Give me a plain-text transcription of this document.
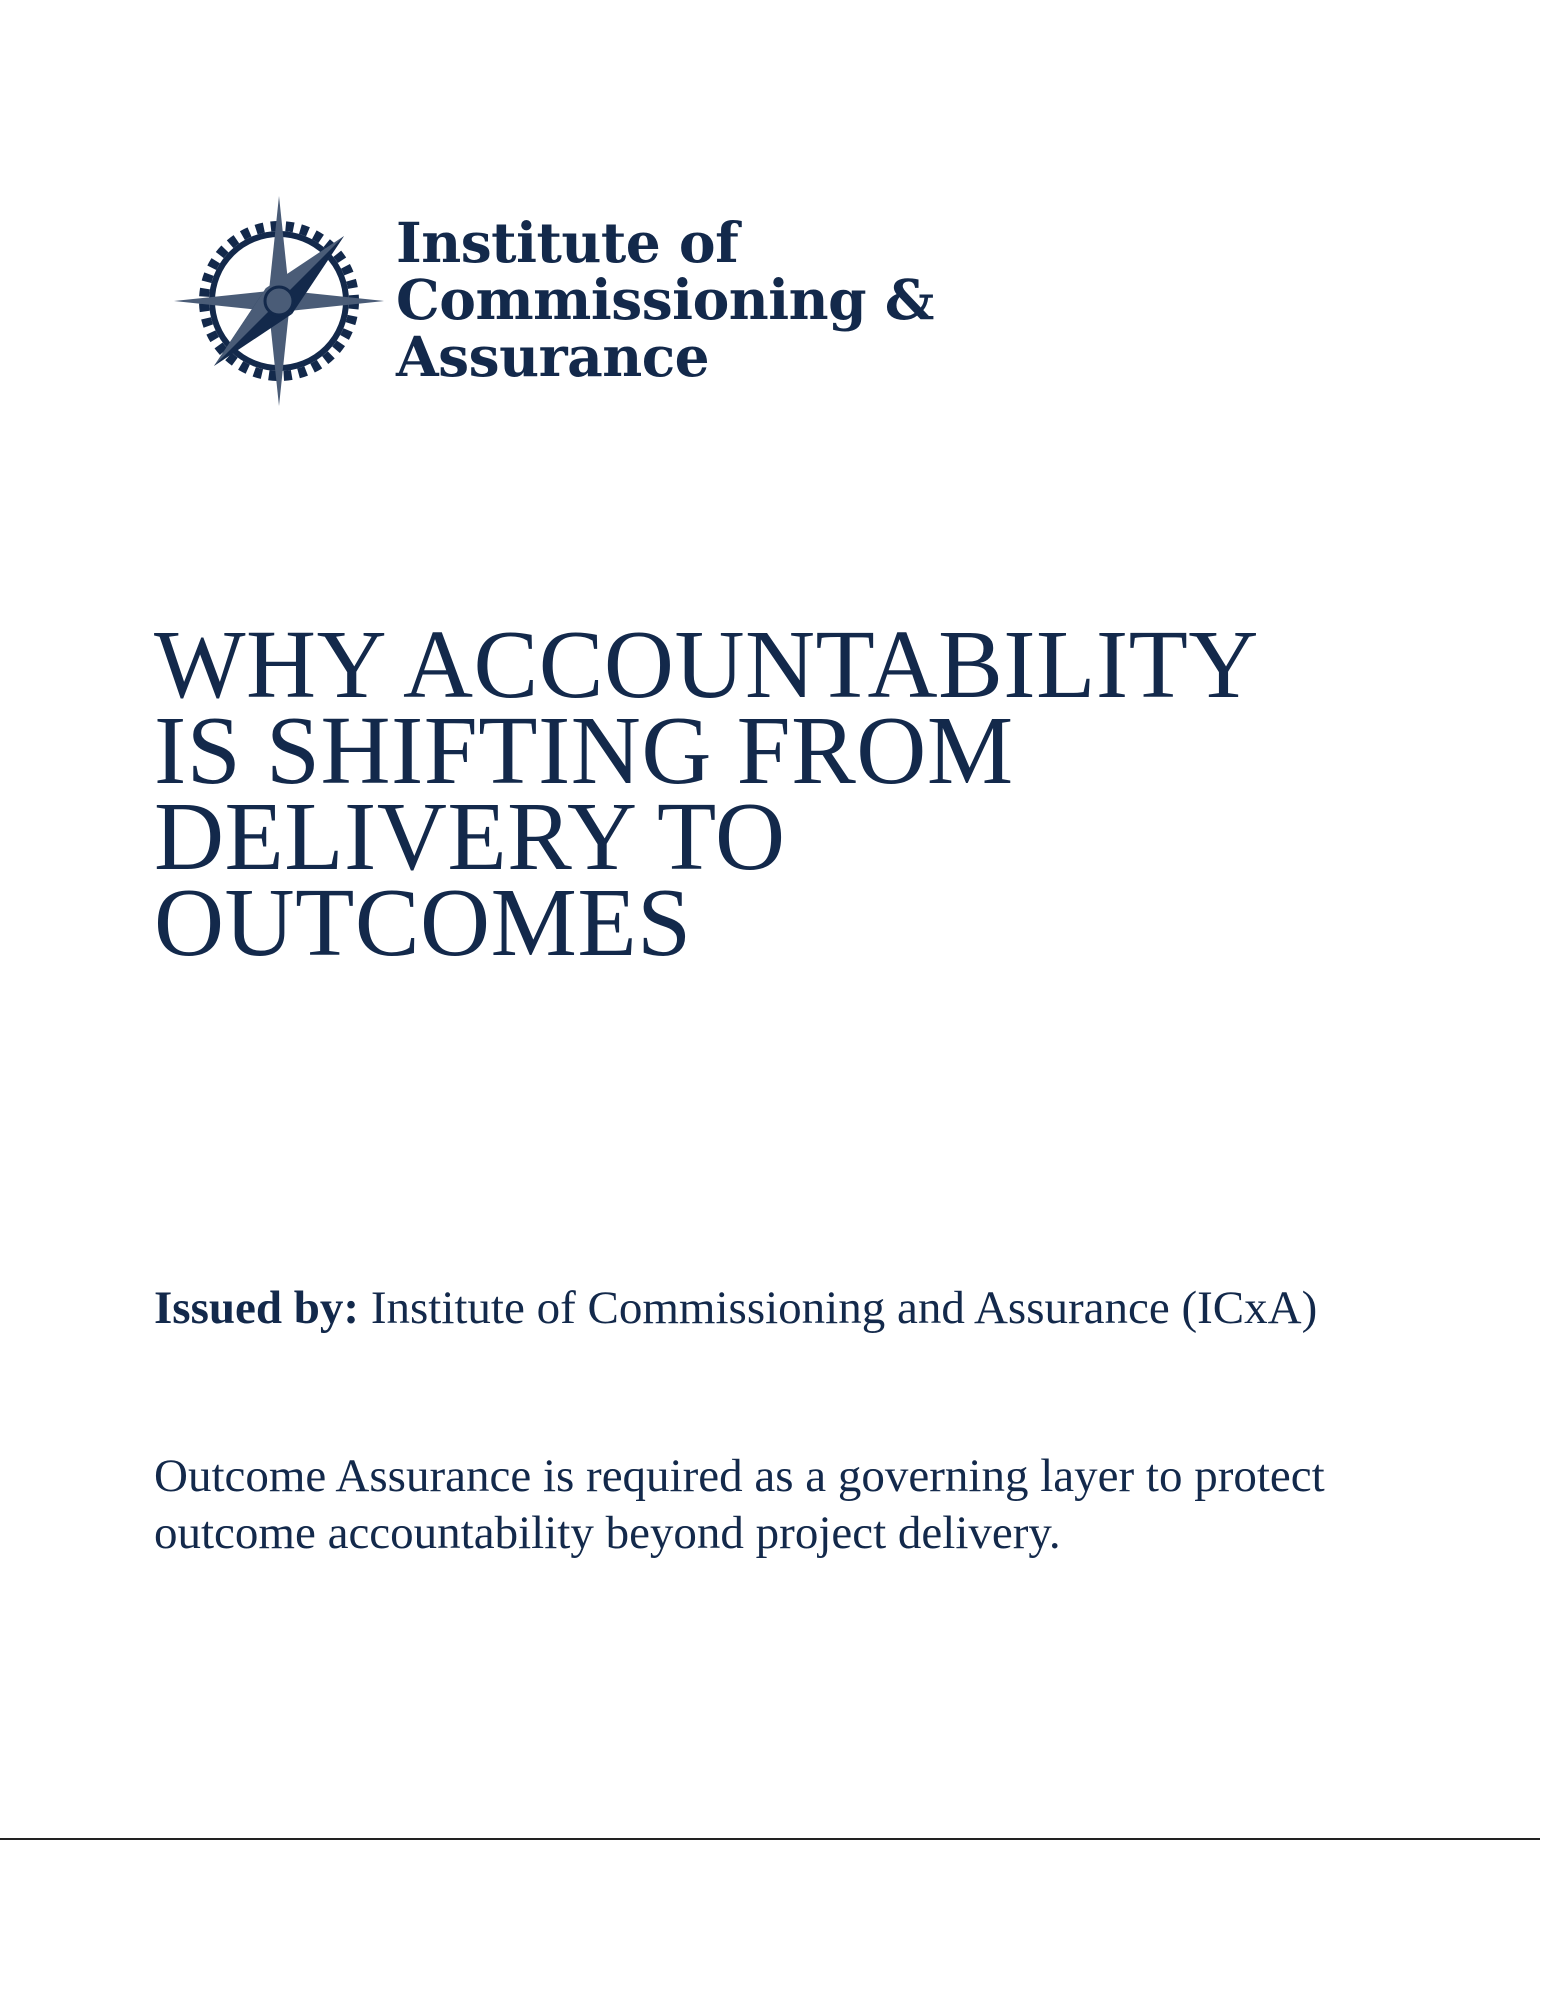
Institute of
Commissioning &
Assurance
WHY ACCOUNTABILITY
IS SHIFTING FROM
DELIVERY TO
OUTCOMES

Issued by: Institute of Commissioning and Assurance (ICxA)

Outcome Assurance is required as a governing layer to protect outcome accountability beyond project delivery.
